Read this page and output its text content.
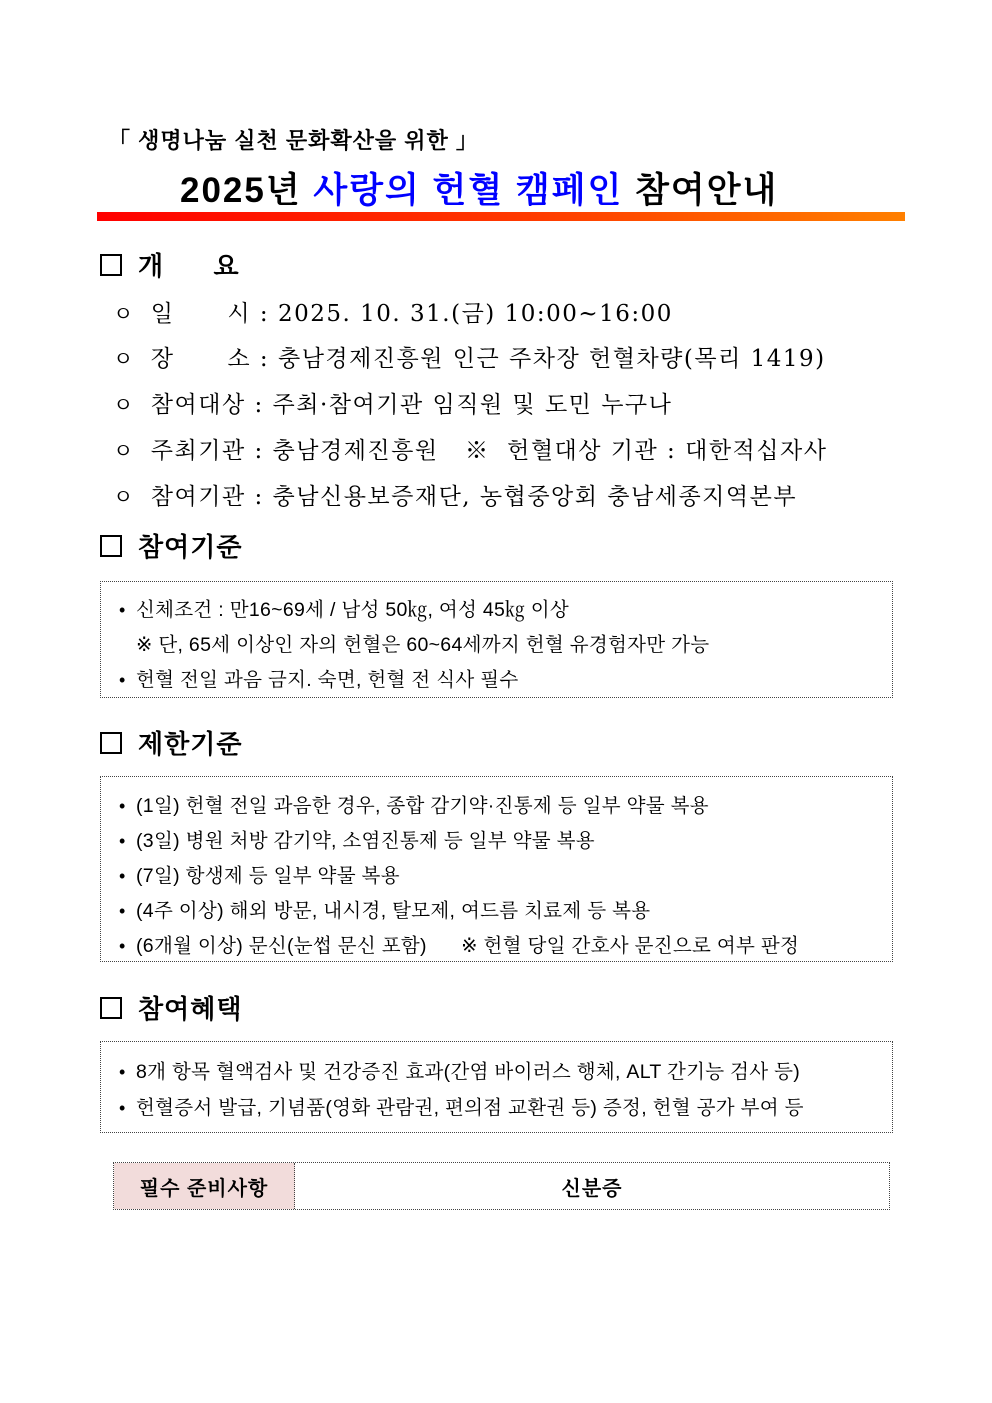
「 생명나눔 실천 문화확산을 위한 」
2025년 사랑의 헌혈 캠페인 참여안내
개      요
ㅇ 일      시 : 2025. 10. 31.(금) 10:00~16:00
ㅇ 장      소 : 충남경제진흥원 인근 주차장 헌혈차량(목리 1419)
ㅇ 참여대상 : 주최·참여기관 임직원 및 도민 누구나
ㅇ 주최기관 : 충남경제진흥원   ※  헌혈대상 기관 : 대한적십자사
ㅇ 참여기관 : 충남신용보증재단, 농협중앙회 충남세종지역본부
참여기준
• 신체조건 : 만16~69세 / 남성 50㎏, 여성 45㎏ 이상
※ 단, 65세 이상인 자의 헌혈은 60~64세까지 헌혈 유경험자만 가능
• 헌혈 전일 과음 금지. 숙면, 헌혈 전 식사 필수
제한기준
• (1일) 헌혈 전일 과음한 경우, 종합 감기약·진통제 등 일부 약물 복용
• (3일) 병원 처방 감기약, 소염진통제 등 일부 약물 복용
• (7일) 항생제 등 일부 약물 복용
• (4주 이상) 해외 방문, 내시경, 탈모제, 여드름 치료제 등 복용
• (6개월 이상) 문신(눈썹 문신 포함)      ※ 헌혈 당일 간호사 문진으로 여부 판정
참여혜택
• 8개 항목 혈액검사 및 건강증진 효과(간염 바이러스 행체, ALT 간기능 검사 등)
• 헌혈증서 발급, 기념품(영화 관람권, 편의점 교환권 등) 증정, 헌혈 공가 부여 등
필수 준비사항	신분증
